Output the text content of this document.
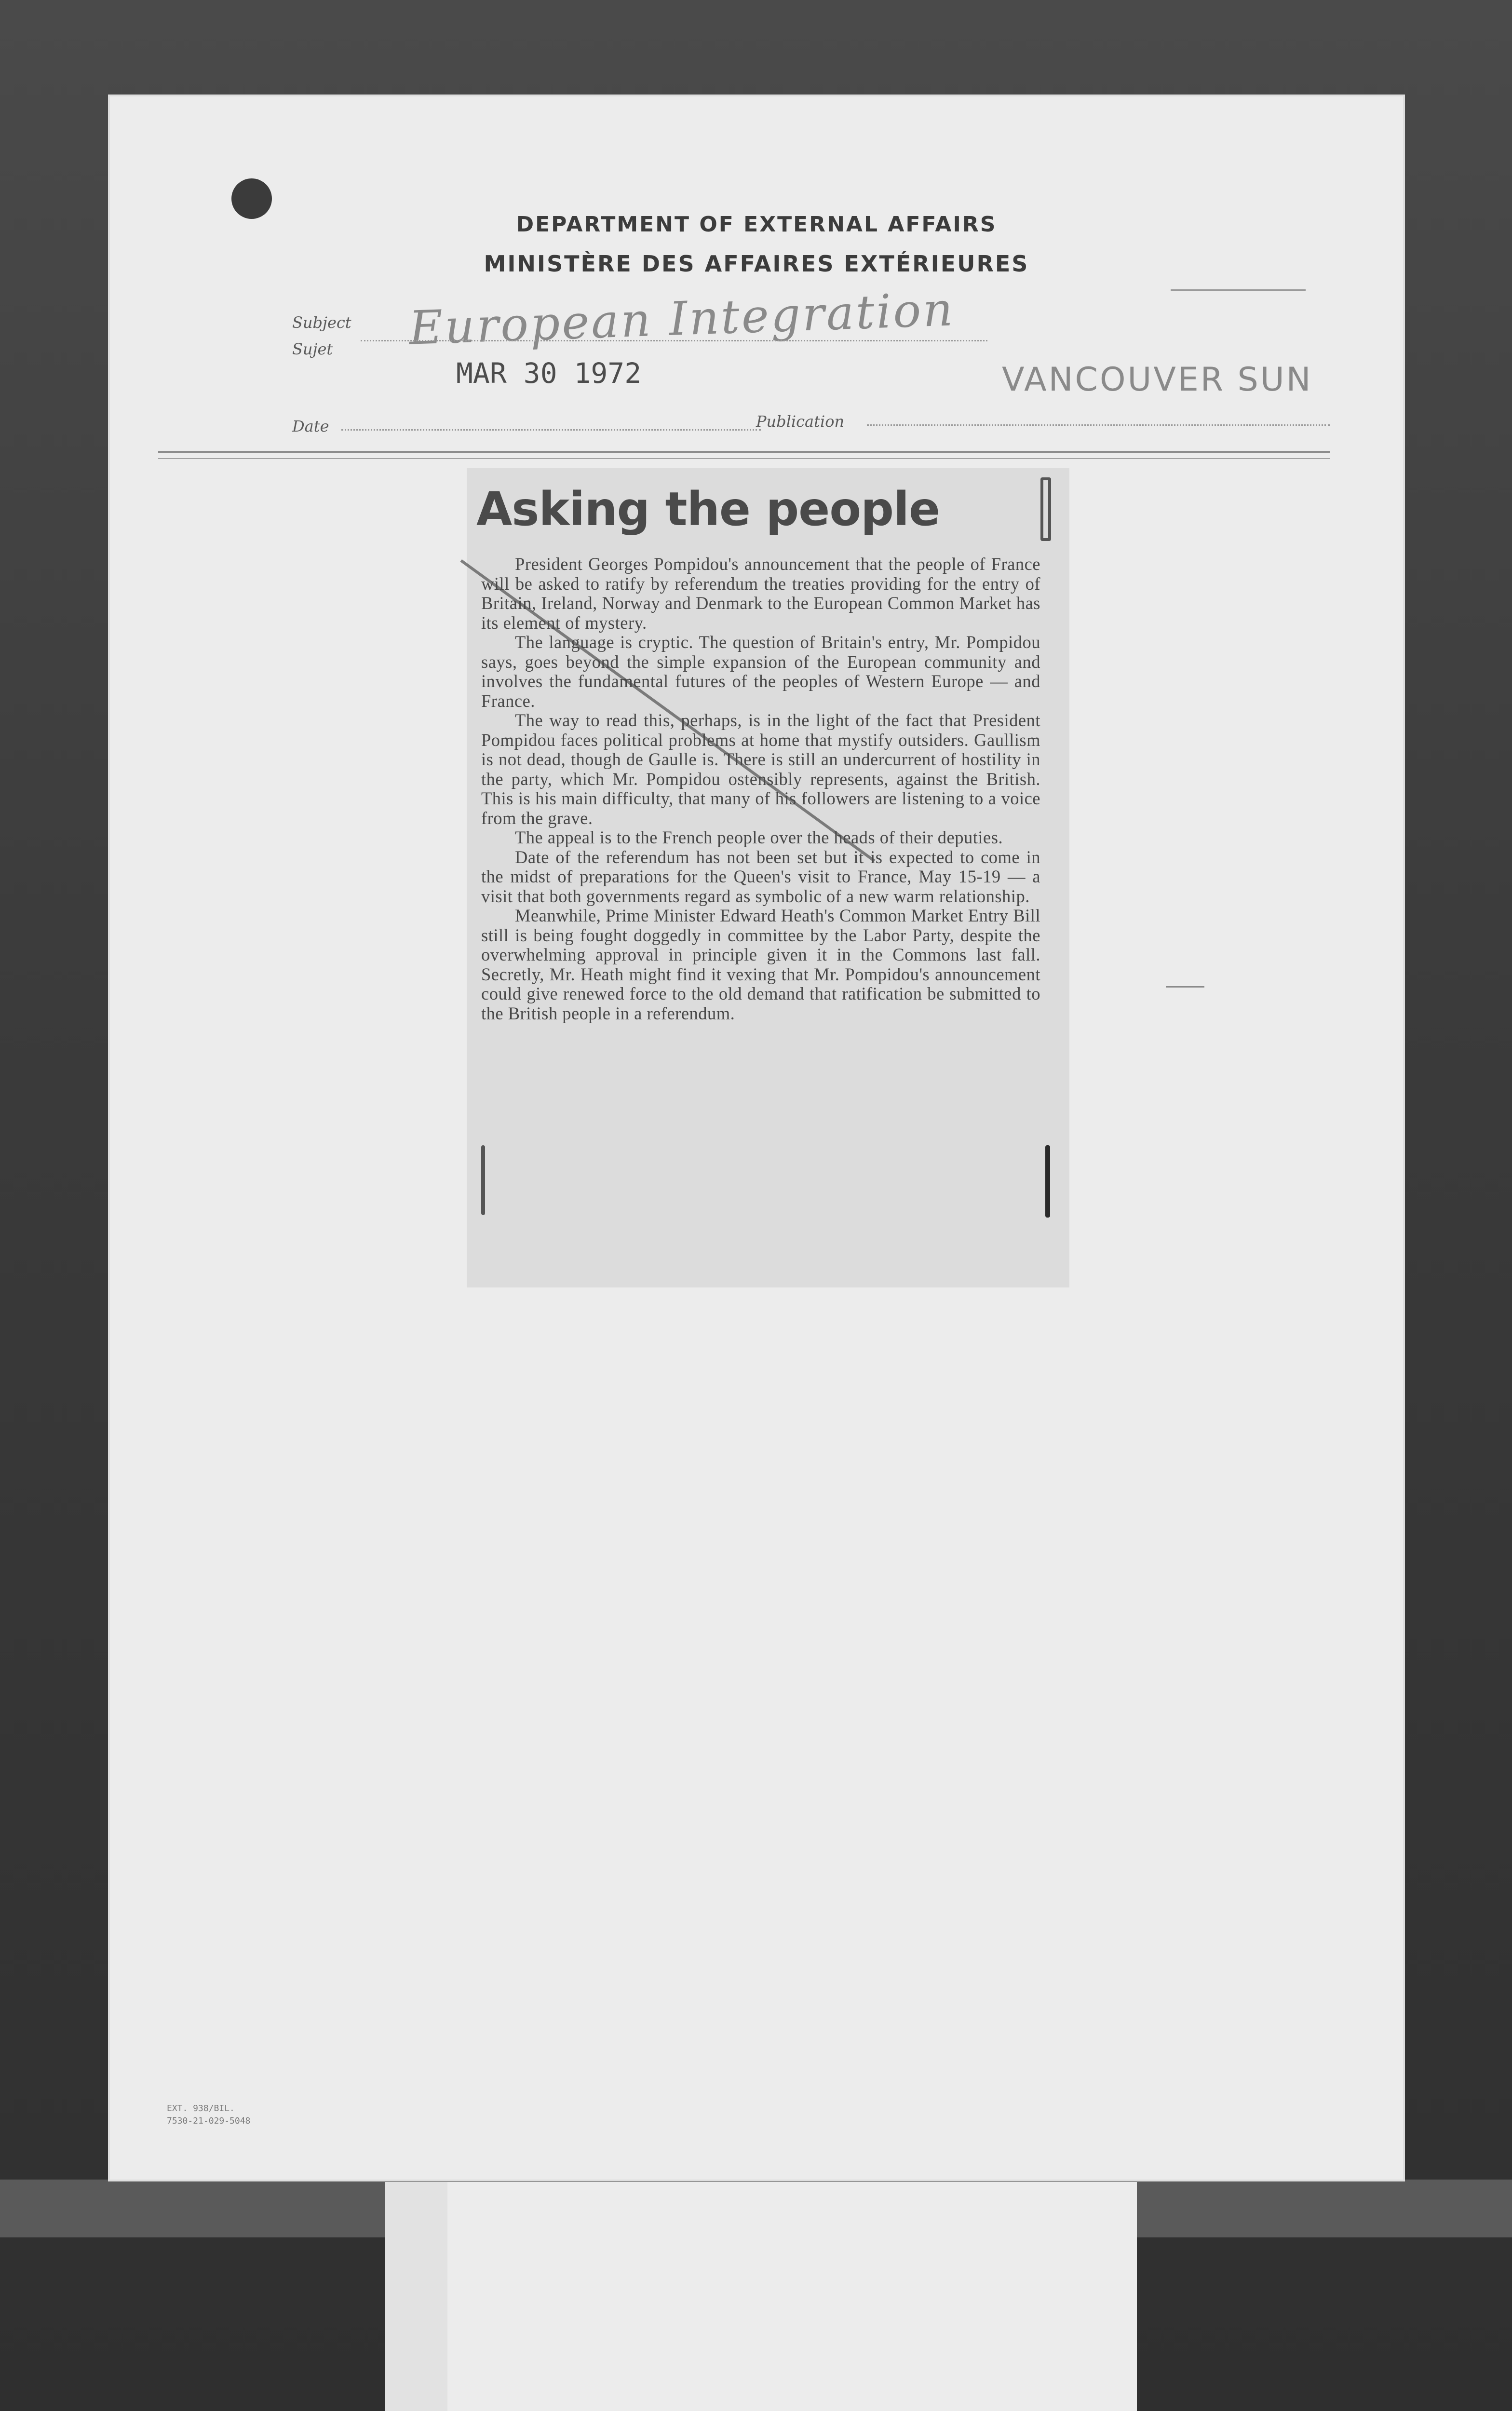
DEPARTMENT OF EXTERNAL AFFAIRS
MINISTÈRE DES AFFAIRES EXTÉRIEURES
Subject
Sujet European Integration
MAR 30 1972	VANCOUVER SUN
Date	Publication
Asking the people

President Georges Pompidou's announcement that the people of France will be asked to ratify by referendum the treaties providing for the entry of Britain, Ireland, Norway and Denmark to the European Common Market has its element of mystery.

The language is cryptic. The question of Britain's entry, Mr. Pompidou says, goes beyond the simple expansion of the European community and involves the fundamental futures of the peoples of Western Europe — and France.

The way to read this, perhaps, is in the light of the fact that President Pompidou faces political problems at home that mystify outsiders. Gaullism is not dead, though de Gaulle is. There is still an undercurrent of hostility in the party, which Mr. Pompidou ostensibly represents, against the British. This is his main difficulty, that many of his followers are listening to a voice from the grave.

The appeal is to the French people over the heads of their deputies.

Date of the referendum has not been set but it is expected to come in the midst of preparations for the Queen's visit to France, May 15-19 — a visit that both governments regard as symbolic of a new warm relationship.

Meanwhile, Prime Minister Edward Heath's Common Market Entry Bill still is being fought doggedly in committee by the Labor Party, despite the overwhelming approval in principle given it in the Commons last fall. Secretly, Mr. Heath might find it vexing that Mr. Pompidou's announcement could give renewed force to the old demand that ratification be submitted to the British people in a referendum.

EXT. 938/BIL.
7530-21-029-5048
